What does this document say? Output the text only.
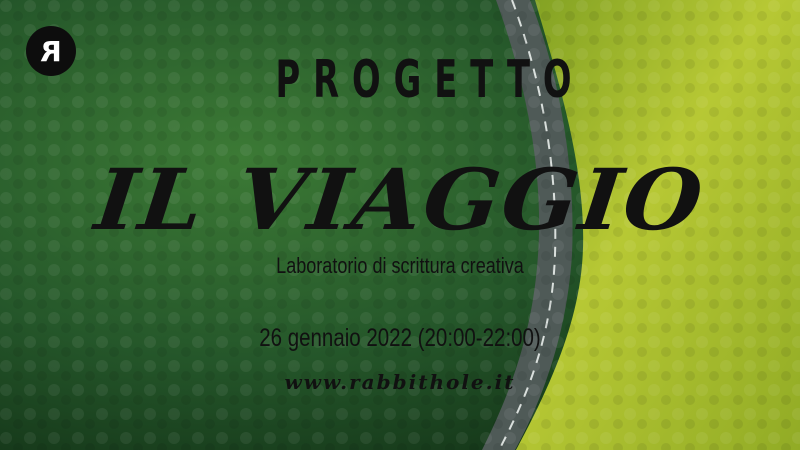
R	PROGETTO
IL VIAGGIO
Laboratorio di scrittura creativa
26 gennaio 2022 (20:00-22:00)
www.rabbithole.it
